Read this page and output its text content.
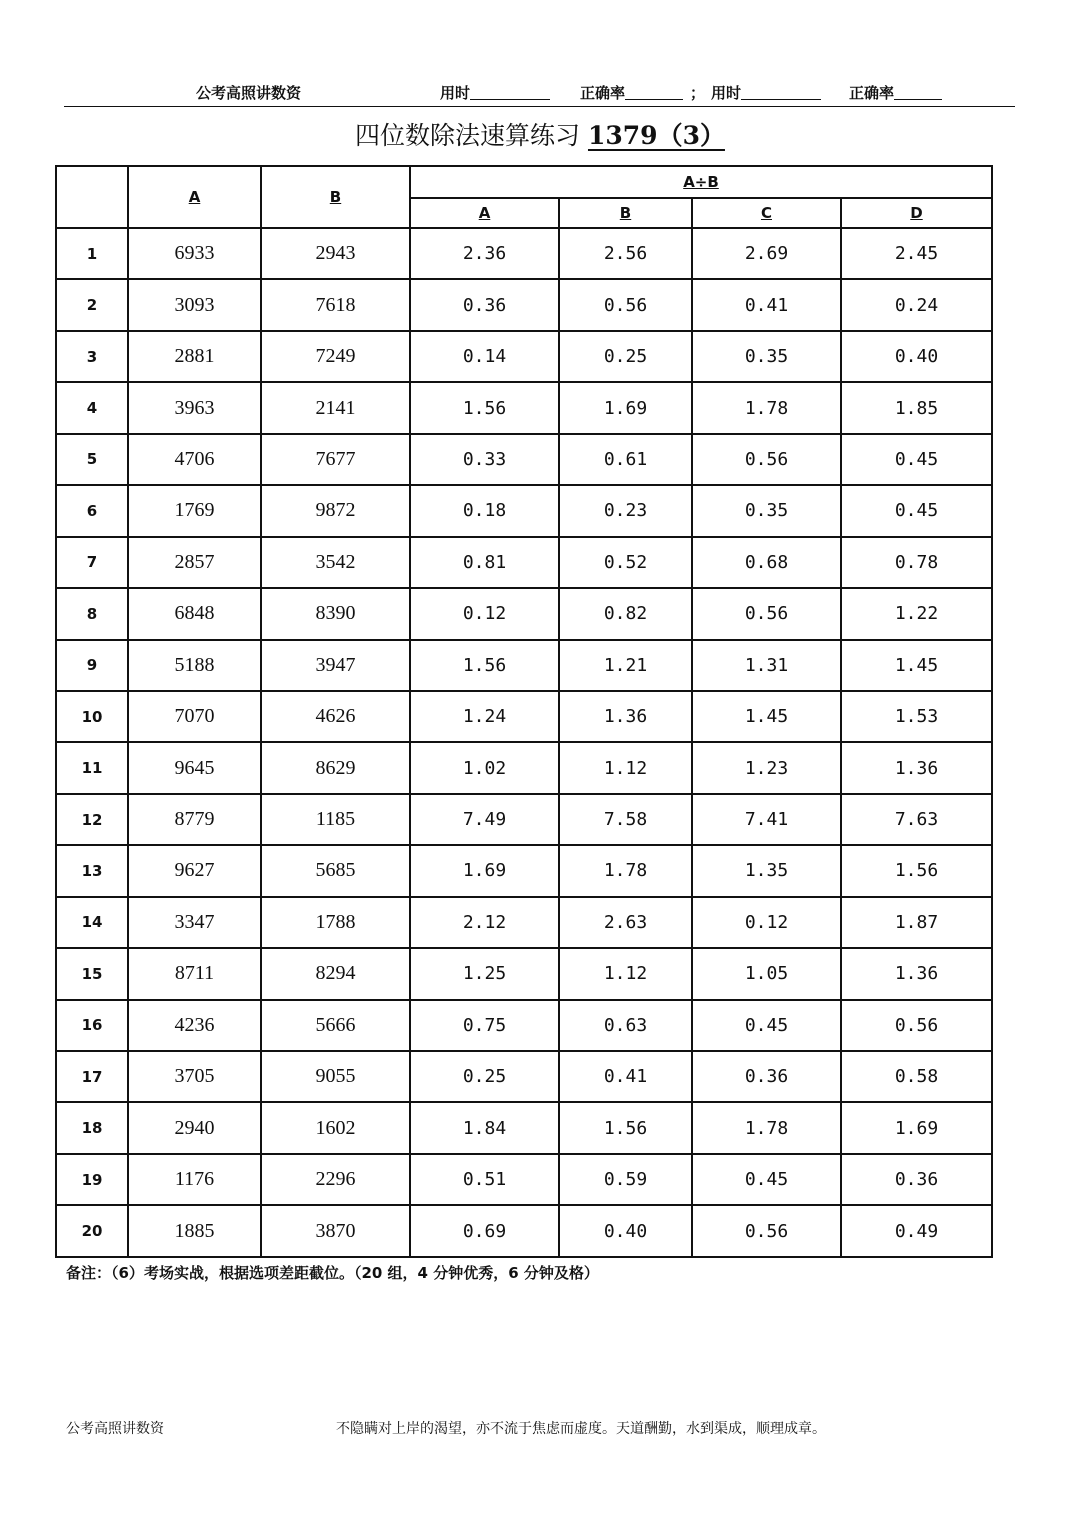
公考高照讲数资	用时	正确率	； 用时	正确率
四位数除法速算练习 1379（3）
	A	B	A÷B			
			A	B	C	D
1	6933	2943	2.36	2.56	2.69	2.45
2	3093	7618	0.36	0.56	0.41	0.24
3	2881	7249	0.14	0.25	0.35	0.40
4	3963	2141	1.56	1.69	1.78	1.85
5	4706	7677	0.33	0.61	0.56	0.45
6	1769	9872	0.18	0.23	0.35	0.45
7	2857	3542	0.81	0.52	0.68	0.78
8	6848	8390	0.12	0.82	0.56	1.22
9	5188	3947	1.56	1.21	1.31	1.45
10	7070	4626	1.24	1.36	1.45	1.53
11	9645	8629	1.02	1.12	1.23	1.36
12	8779	1185	7.49	7.58	7.41	7.63
13	9627	5685	1.69	1.78	1.35	1.56
14	3347	1788	2.12	2.63	0.12	1.87
15	8711	8294	1.25	1.12	1.05	1.36
16	4236	5666	0.75	0.63	0.45	0.56
17	3705	9055	0.25	0.41	0.36	0.58
18	2940	1602	1.84	1.56	1.78	1.69
19	1176	2296	0.51	0.59	0.45	0.36
20	1885	3870	0.69	0.40	0.56	0.49
备注：（6）考场实战，根据选项差距截位。（20 组，4 分钟优秀，6 分钟及格）
公考高照讲数资	不隐瞒对上岸的渴望，亦不流于焦虑而虚度。天道酬勤，水到渠成，顺理成章。
